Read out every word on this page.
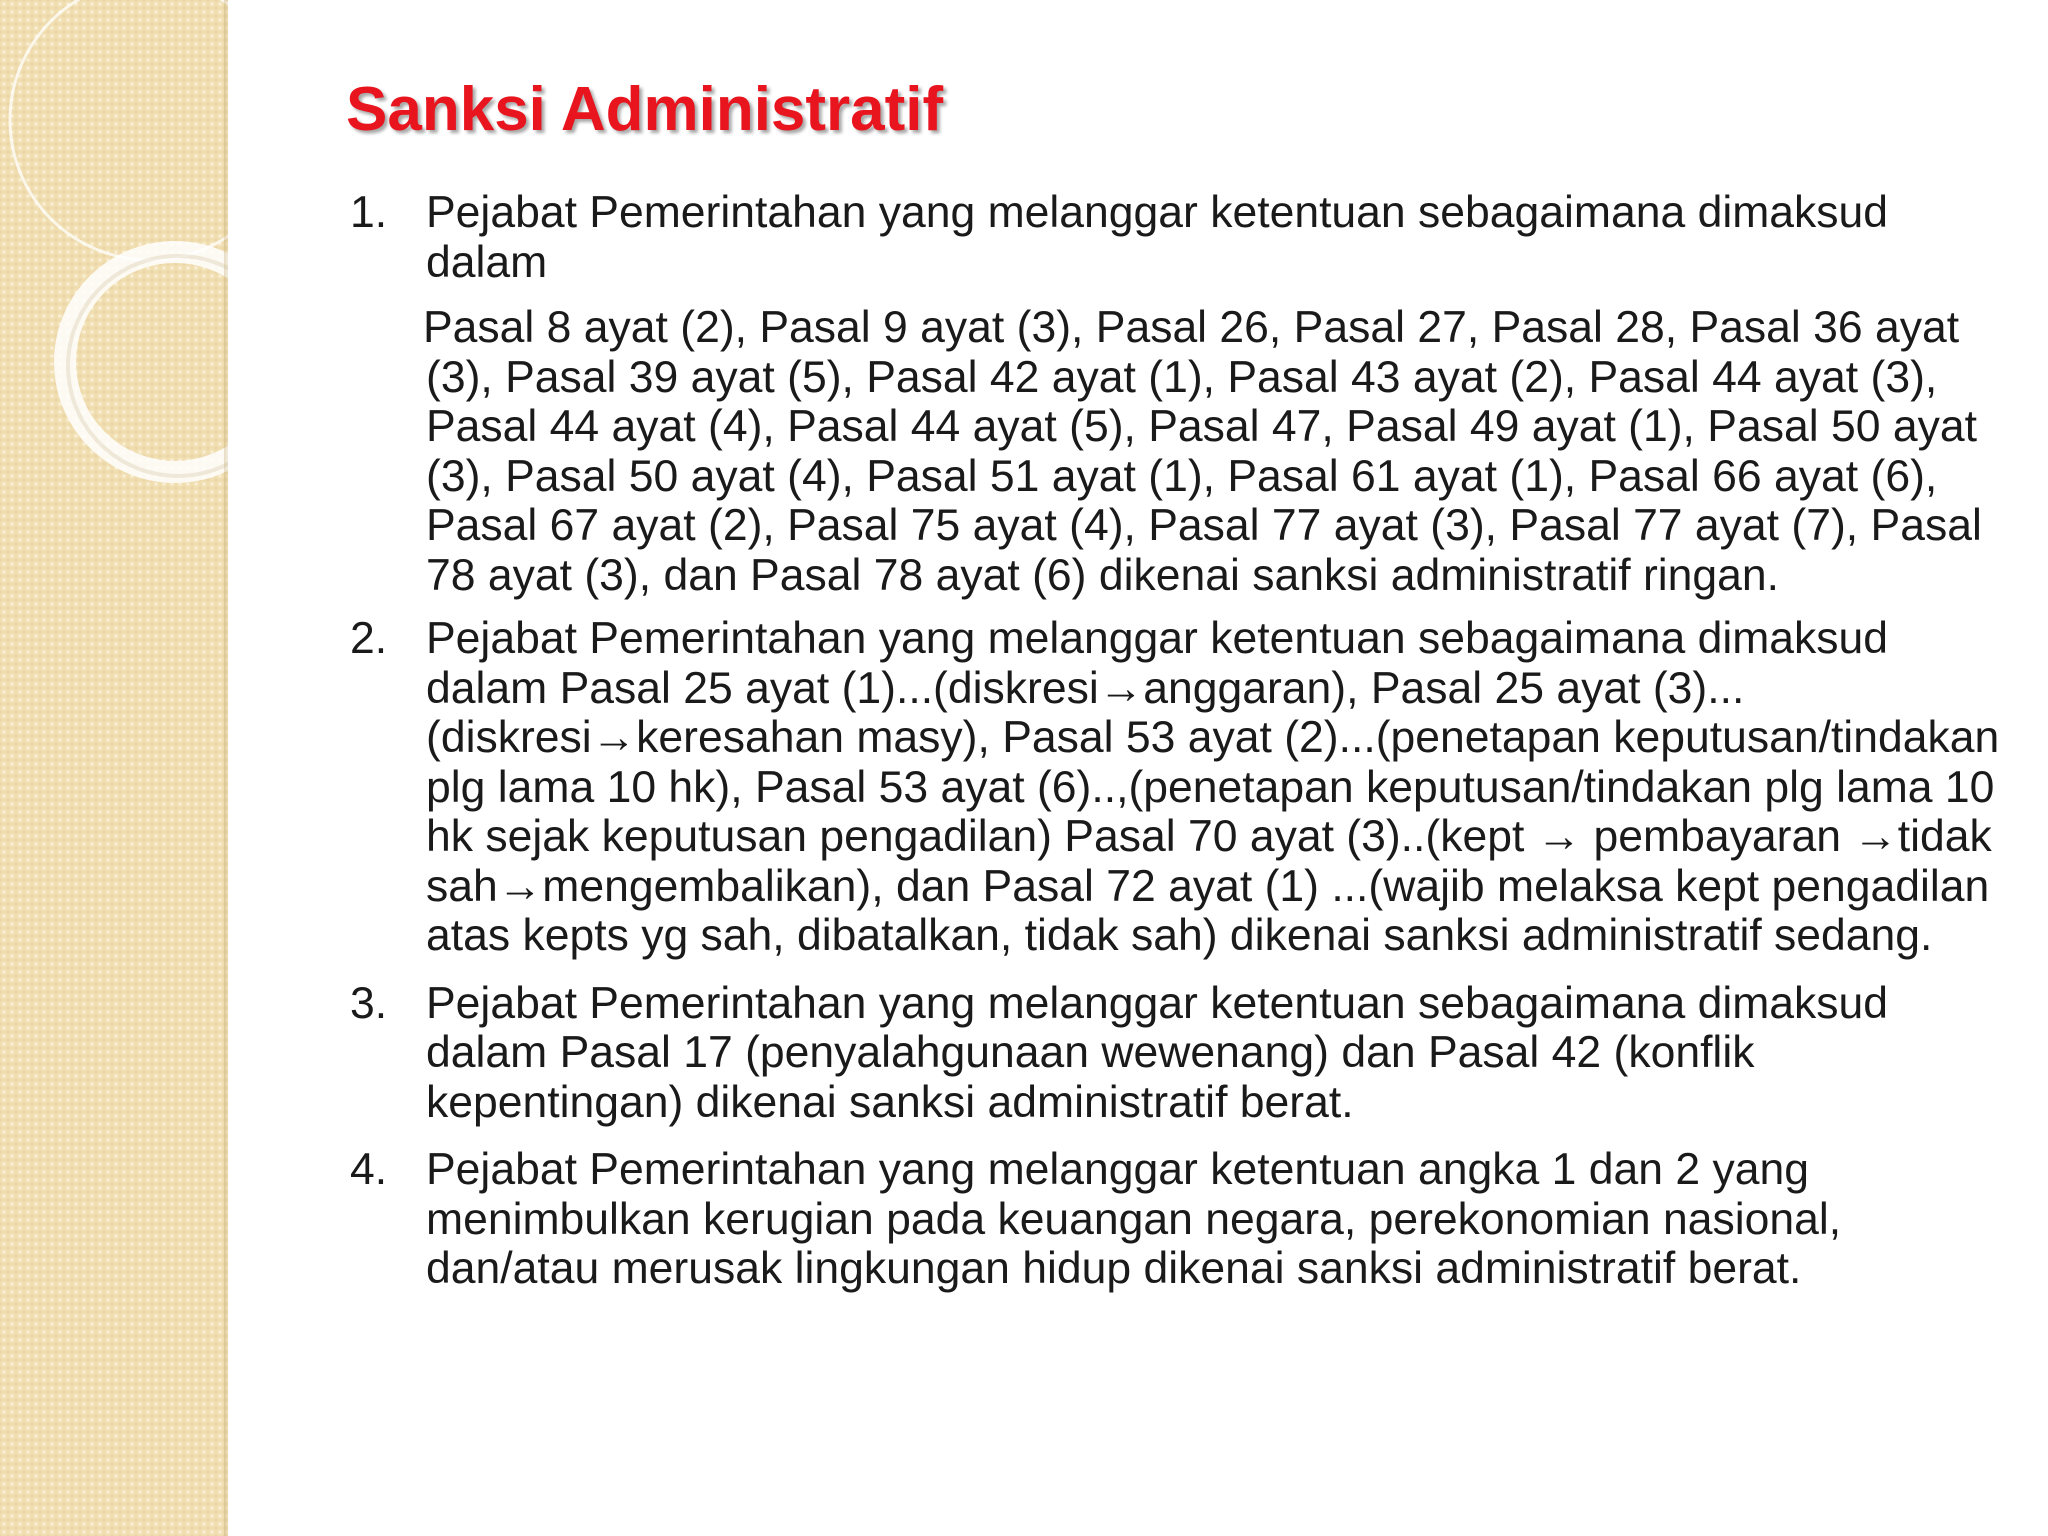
Sanksi Administratif
1. Pejabat Pemerintahan yang melanggar ketentuan sebagaimana dimaksud dalam

Pasal 8 ayat (2), Pasal 9 ayat (3), Pasal 26, Pasal 27, Pasal 28, Pasal 36 ayat (3), Pasal 39 ayat (5), Pasal 42 ayat (1), Pasal 43 ayat (2), Pasal 44 ayat (3), Pasal 44 ayat (4), Pasal 44 ayat (5), Pasal 47, Pasal 49 ayat (1), Pasal 50 ayat (3), Pasal 50 ayat (4), Pasal 51 ayat (1), Pasal 61 ayat (1), Pasal 66 ayat (6), Pasal 67 ayat (2), Pasal 75 ayat (4), Pasal 77 ayat (3), Pasal 77 ayat (7), Pasal 78 ayat (3), dan Pasal 78 ayat (6) dikenai sanksi administratif ringan.

2. Pejabat Pemerintahan yang melanggar ketentuan sebagaimana dimaksud dalam Pasal 25 ayat (1)...(diskresi→anggaran), Pasal 25 ayat (3)...(diskresi→keresahan masy), Pasal 53 ayat (2)...(penetapan keputusan/tindakan plg lama 10 hk), Pasal 53 ayat (6)..,(penetapan keputusan/tindakan plg lama 10 hk sejak keputusan pengadilan) Pasal 70 ayat (3)..(kept → pembayaran →tidak sah→mengembalikan), dan Pasal 72 ayat (1) ...(wajib melaksa kept pengadilan atas kepts yg sah, dibatalkan, tidak sah) dikenai sanksi administratif sedang.

3. Pejabat Pemerintahan yang melanggar ketentuan sebagaimana dimaksud dalam Pasal 17 (penyalahgunaan wewenang) dan Pasal 42 (konflik kepentingan) dikenai sanksi administratif berat.

4. Pejabat Pemerintahan yang melanggar ketentuan angka 1 dan 2 yang menimbulkan kerugian pada keuangan negara, perekonomian nasional, dan/atau merusak lingkungan hidup dikenai sanksi administratif berat.
